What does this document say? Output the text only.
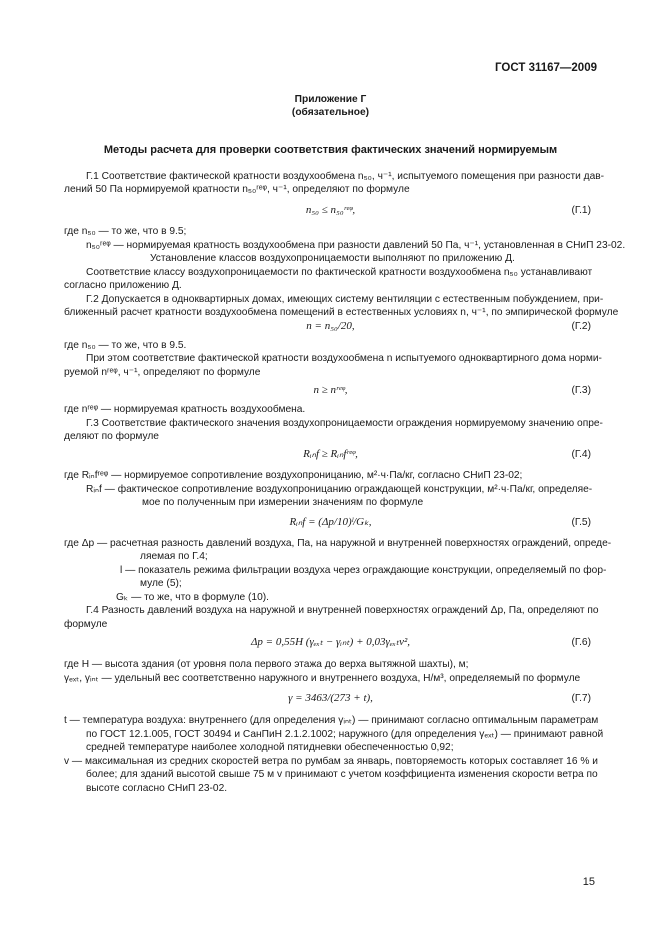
ГОСТ 31167—2009
Приложение Г
(обязательное)
Методы расчета для проверки соответствия фактических значений нормируемым
Г.1 Соответствие фактической кратности воздухообмена n₅₀, ч⁻¹, испытуемого помещения при разности дав-
лений 50 Па нормируемой кратности n₅₀ʳᵉᵠ, ч⁻¹, определяют по формуле
n₅₀ ≤ n₅₀ʳᵉᵠ,	(Г.1)
где n₅₀ — то же, что в 9.5;
n₅₀ʳᵉᵠ — нормируемая кратность воздухообмена при разности давлений 50 Па, ч⁻¹, установленная в СНиП 23-02.
Установление классов воздухопроницаемости выполняют по приложению Д.
Соответствие классу воздухопроницаемости по фактической кратности воздухообмена n₅₀ устанавливают
согласно приложению Д.
Г.2 Допускается в одноквартирных домах, имеющих систему вентиляции с естественным побуждением, при-
ближенный расчет кратности воздухообмена помещений в естественных условиях n, ч⁻¹, по эмпирической формуле
n = n₅₀/20,	(Г.2)
где n₅₀ — то же, что в 9.5.
При этом соответствие фактической кратности воздухообмена n испытуемого одноквартирного дома норми-
руемой nʳᵉᵠ, ч⁻¹, определяют по формуле
n ≥ nʳᵉᵠ,	(Г.3)
где nʳᵉᵠ — нормируемая кратность воздухообмена.
Г.3 Соответствие фактического значения воздухопроницаемости ограждения нормируемому значению опре-
деляют по формуле
Rᵢₙf ≥ Rᵢₙfʳᵉᵠ,	(Г.4)
где Rᵢₙfʳᵉᵠ — нормируемое сопротивление воздухопроницанию, м²·ч·Па/кг, согласно СНиП 23-02;
Rᵢₙf — фактическое сопротивление воздухопроницанию ограждающей конструкции, м²·ч·Па/кг, определяе-
мое по полученным при измерении значениям по формуле
Rᵢₙf = (Δp/10)ˡ/Gₖ,	(Г.5)
где Δp — расчетная разность давлений воздуха, Па, на наружной и внутренней поверхностях ограждений, опреде-
ляемая по Г.4;
l — показатель режима фильтрации воздуха через ограждающие конструкции, определяемый по фор-
муле (5);
Gₖ — то же, что в формуле (10).
Г.4 Разность давлений воздуха на наружной и внутренней поверхностях ограждений Δp, Па, определяют по
формуле
Δp = 0,55H (γₑₓₜ − γᵢₙₜ) + 0,03γₑₓₜv²,	(Г.6)
где H — высота здания (от уровня пола первого этажа до верха вытяжной шахты), м;
γₑₓₜ, γᵢₙₜ — удельный вес соответственно наружного и внутреннего воздуха, Н/м³, определяемый по формуле
γ = 3463/(273 + t),	(Г.7)
t — температура воздуха: внутреннего (для определения γᵢₙₜ) — принимают согласно оптимальным параметрам
по ГОСТ 12.1.005, ГОСТ 30494 и СанПиН 2.1.2.1002; наружного (для определения γₑₓₜ) — принимают равной
средней температуре наиболее холодной пятидневки обеспеченностью 0,92;
v — максимальная из средних скоростей ветра по румбам за январь, повторяемость которых составляет 16 % и
более; для зданий высотой свыше 75 м v принимают с учетом коэффициента изменения скорости ветра по
высоте согласно СНиП 23-02.
15
